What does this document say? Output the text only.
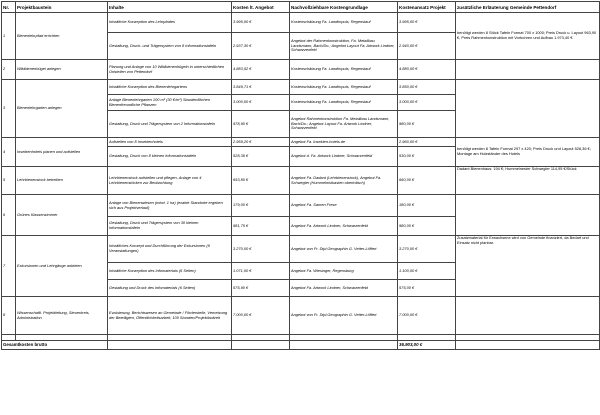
Nr.	Projektbaustein	Inhalte	Kosten lt. Angebot	Nachvollziehbare Kostengrundlage	Kostenansatz Projekt	zusätzliche Erläuterung Gemeinde Pettendorf
1	Bienenlehrpfad errichten	Inhaltliche Konzeption des Lehrpfades	3.995,00 €	Kostenschätzung Fa. Landimpuls, Regenstauf	3.995,00 €	benötigt werden 8 Stück Tafeln Format 700 x 1000; Preis Druck u. Layout 963,90 €, Preis Rahmenkonstruktion mit Vorbohren und Aufbau 1.973,40 €
		Gestaltung, Druck- und Trägersystem von 8 Informationstafeln	2.937,30 €	Angebot der Rahmenkonstruktion, Fa. Metallbau Landsmann, Bach/Do.; Angebot Layout Fa. Artwork Lindner, Schwarzenfeld	2.940,00 €	
2	Wildbienenhügel anlegen	Planung und Anlage von 10 Wildbienenhügeln in unterschiedlichen Ortsteilen von Pettendorf	4.883,52 €	Kostenschätzung Fa. Landimpuls, Regenstauf	4.880,00 €	
3	Bienenlehrgarten anlegen	Inhaltliche Konzeption des Bienenlehrgartens	3.849,71 €	Kostenschätzung Fa. Landimpuls, Regenstauf	3.850,00 €	
		Anlage Bienenlehrgarten 100 m² (30 €/m²) Staudenflächen Bienenfreundliche Pflanzen	3.000,00 €	Kostenschätzung Fa. Landimpuls, Regenstauf	3.000,00 €	
		Gestaltung, Druck und Trägersystem von 2 Informationstafeln	978,90 €	Angebot Rahmenkonstruktion Fa. Metallbau Landsmann, Bach/Do.; Angebot Layout Fa. Artwork Lindner, Schwarzenfeld	980,00 €	
4	Insektenhotels planen und aufstellen	Aufstellen von 8 Insektenhotels	2.959,20 €	Angebot Fa. Insekten-hotels.de	2.960,00 €	benötigt werden 8 Tafeln Format 297 x 420; Preis Druck und Layout 528,36 €; Montage am Holzständer des Hotels
		Gestaltung, Druck von 8 kleinen Informationstafeln	528,36 €	Angebot d. Fa. Artwork Lindner, Schwarzenfeld	530,00 €	
5	Lehrbienenstock betreiben	Lehrbienenstock aufstellen und pflegen, Anlage von 4 Lehrbienenstöcken zur Beobachtung	653,80 €	Angebot Fa. Dadant (Lehrbienenstock), Angebot Fa. Schwegler (Hummelnistkasten oberirdisch)	660,00 €	Dadant Bienenhaus: 194 €; Hummelnester Schwegler 114,95 €/Stück
6	Grünes Klassenzimmer	Anlage von Bienenwiesen (mind. 1 ha) (exakte Standorte ergeben sich aus Projektverlauf)	179,00 €	Angebot Fa. Samen Frese	180,00 €	
		Gestaltung, Druck und Trägersystem von 30 kleinen Informationstafeln	981,75 €	Angebot Fa. Artwork Lindner, Schwarzenfeld	980,00 €	
7	Exkursionen und Lehrgänge anbieten	Inhaltliches Konzept und Durchführung der Exkursionen (9 Veranstaltungen)	3.270,00 €	Angebot von Fr. Dipl.Geographin G. Vetter-Löffert	3.270,00 €	Zusatzmaterial für Erwachsene wird von Gemeinde finanziert, da Bedarf und Einsatz nicht planbar.
		Inhaltliche Konzeption des Infomaterials (6 Seiten)	1.071,00 €	Angebot Fa. Wiesinger, Regensburg	1.100,00 €	
		Gestaltung und Druck des Infomaterials (6 Seiten)	575,90 €	Angebot Fa. Artwork Lindner, Schwarzenfeld	575,00 €	
8	Wissenschaftl. Projektleitung, Steuerkreis, Administration	Evaluierung, Berichtswesen an Gemeinde / Förderstelle, Vernetzung der Beteiligten, Öffentlichkeitsarbeit; 100 Stunden/Projektlaufzeit	7.000,00 €	Angebot von Fr. Dipl.Geographin G. Vetter-Löffert	7.000,00 €	

Gesamtkosten brutto					36.903,00 €	
